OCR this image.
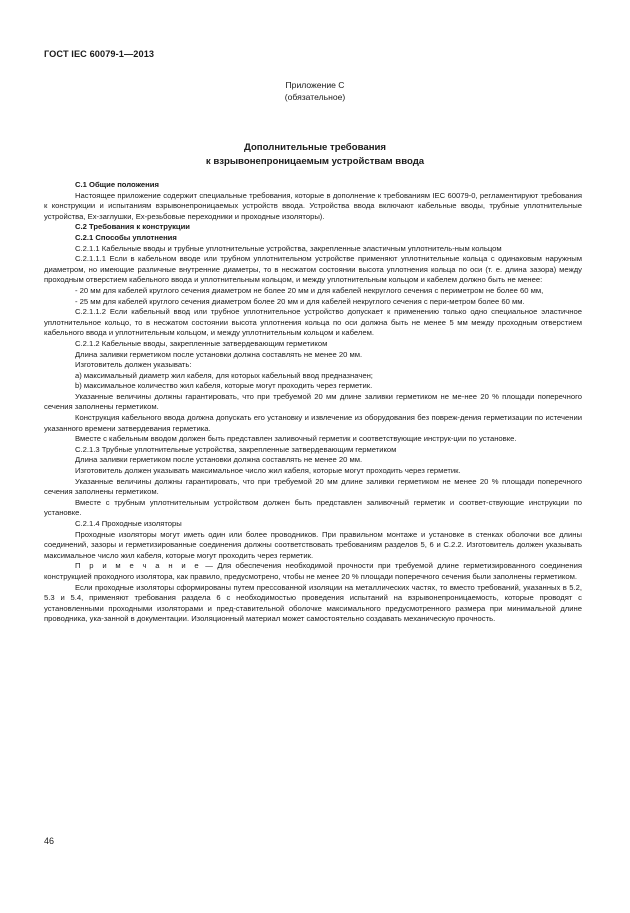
ГОСТ IEC 60079-1—2013
Приложение С
(обязательное)
Дополнительные требования
к взрывонепроницаемым устройствам ввода

С.1 Общие положения

Настоящее приложение содержит специальные требования, которые в дополнение к требованиям IEC 60079-0, регламентируют требования к конструкции и испытаниям взрывонепроницаемых устройств ввода. Устройства ввода включают кабельные вводы, трубные уплотнительные устройства, Ex-заглушки, Ex-резьбовые переходники и проходные изоляторы).

С.2 Требования к конструкции

С.2.1 Способы уплотнения

С.2.1.1 Кабельные вводы и трубные уплотнительные устройства, закрепленные эластичным уплотнитель-ным кольцом

С.2.1.1.1 Если в кабельном вводе или трубном уплотнительном устройстве применяют уплотнительные кольца с одинаковым наружным диаметром, но имеющие различные внутренние диаметры, то в несжатом состоянии высота уплотнения кольца по оси (т. е. длина зазора) между проходным отверстием кабельного ввода и уплотнительным кольцом, и между уплотнительным кольцом и кабелем должно быть не менее:

- 20 мм для кабелей круглого сечения диаметром не более 20 мм и для кабелей некруглого сечения с периметром не более 60 мм,

- 25 мм для кабелей круглого сечения диаметром более 20 мм и для кабелей некруглого сечения с пери-метром более 60 мм.

С.2.1.1.2 Если кабельный ввод или трубное уплотнительное устройство допускает к применению только одно специальное эластичное уплотнительное кольцо, то в несжатом состоянии высота уплотнения кольца по оси должна быть не менее 5 мм между проходным отверстием кабельного ввода и уплотнительным кольцом, и между уплотнительным кольцом и кабелем.

С.2.1.2 Кабельные вводы, закрепленные затвердевающим герметиком

Длина заливки герметиком после установки должна составлять не менее 20 мм.

Изготовитель должен указывать:

а) максимальный диаметр жил кабеля, для которых кабельный ввод предназначен;

b) максимальное количество жил кабеля, которые могут проходить через герметик.

Указанные величины должны гарантировать, что при требуемой 20 мм длине заливки герметиком не ме-нее 20 % площади поперечного сечения заполнены герметиком.

Конструкция кабельного ввода должна допускать его установку и извлечение из оборудования без повреж-дения герметизации по истечении указанного времени затвердевания герметика.

Вместе с кабельным вводом должен быть представлен заливочный герметик и соответствующие инструк-ции по установке.

С.2.1.3 Трубные уплотнительные устройства, закрепленные затвердевающим герметиком

Длина заливки герметиком после установки должна составлять не менее 20 мм.

Изготовитель должен указывать максимальное число жил кабеля, которые могут проходить через герметик.

Указанные величины должны гарантировать, что при требуемой 20 мм длине заливки герметиком не менее 20 % площади поперечного сечения заполнены герметиком.

Вместе с трубным уплотнительным устройством должен быть представлен заливочный герметик и соответ-ствующие инструкции по установке.

С.2.1.4 Проходные изоляторы

Проходные изоляторы могут иметь один или более проводников. При правильном монтаже и установке в стенках оболочки все длины соединений, зазоры и герметизированные соединения должны соответствовать требованиям разделов 5, 6 и С.2.2. Изготовитель должен указывать максимальное число жил кабеля, которые могут проходить через герметик.

П р и м е ч а н и е — Для обеспечения необходимой прочности при требуемой длине герметизированного соединения конструкцией проходного изолятора, как правило, предусмотрено, чтобы не менее 20 % площади поперечного сечения были заполнены герметиком.

Если проходные изоляторы сформированы путем прессованной изоляции на металлических частях, то вместо требований, указанных в 5.2, 5.3 и 5.4, применяют требования раздела 6 с необходимостью проведения испытаний на взрывонепроницаемость, которые проводят с установленными проходными изоляторами и пред-ставительной оболочке максимального предусмотренного размера при минимальной длине проводника, ука-занной в документации. Изоляционный материал может самостоятельно создавать механическую прочность.

46
